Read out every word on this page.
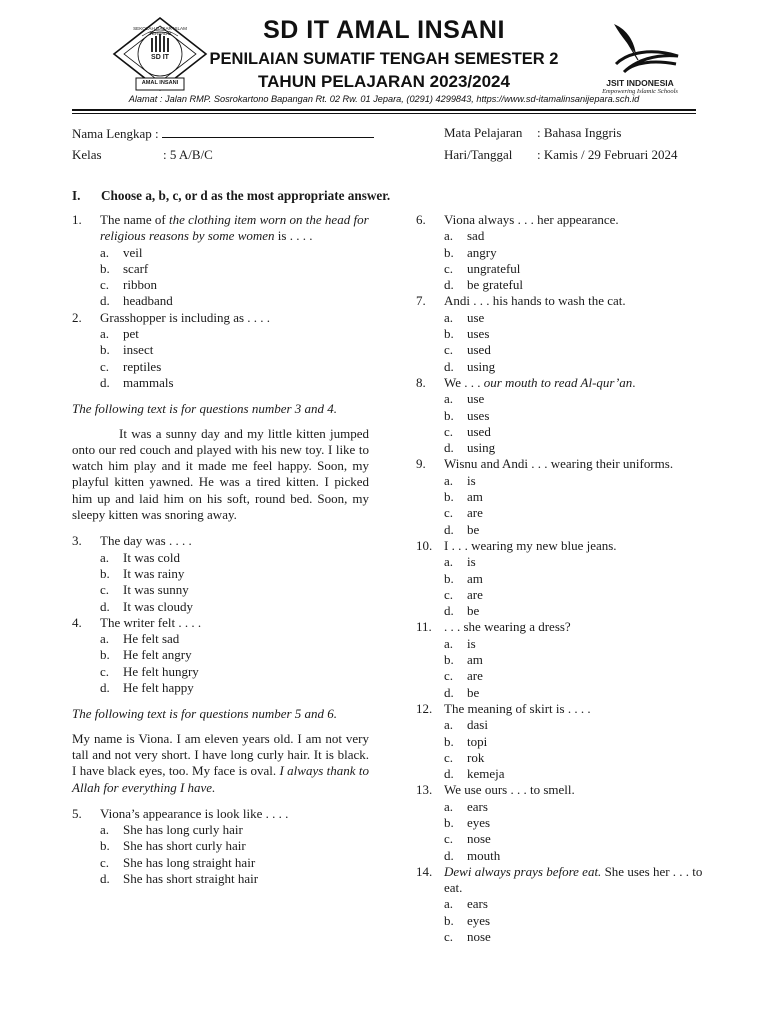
SEKOLAH DASAR ISLAM TERPADU
SD IT
AMAL INSANI	JSIT INDONESIA
Empowering Islamic Schools
SD IT AMAL INSANI
PENILAIAN SUMATIF TENGAH SEMESTER 2
TAHUN PELAJARAN 2023/2024
Alamat : Jalan RMP. Sosrokartono Bapangan Rt. 02 Rw. 01 Jepara, (0291) 4299843, https://www.sd-itamalinsanijepara.sch.id
Nama Lengkap :
Kelas	: 5 A/B/C
Mata Pelajaran : Bahasa Inggris
Hari/Tanggal : Kamis / 29 Februari 2024
I. Choose a, b, c, or d as the most appropriate answer.
1. The name of the clothing item worn on the head for religious reasons by some women is . . . .
a. veil
b. scarf
c. ribbon
d. headband
2. Grasshopper is including as . . . .
a. pet
b. insect
c. reptiles
d. mammals
The following text is for questions number 3 and 4.
It was a sunny day and my little kitten jumped onto our red couch and played with his new toy. I like to watch him play and it made me feel happy. Soon, my playful kitten yawned. He was a tired kitten. I picked him up and laid him on his soft, round bed. Soon, my sleepy kitten was snoring away.
3. The day was . . . .
a. It was cold
b. It was rainy
c. It was sunny
d. It was cloudy
4. The writer felt . . . .
a. He felt sad
b. He felt angry
c. He felt hungry
d. He felt happy
The following text is for questions number 5 and 6.
My name is Viona. I am eleven years old. I am not very tall and not very short. I have long curly hair. It is black. I have black eyes, too. My face is oval. I always thank to Allah for everything I have.
5. Viona’s appearance is look like . . . .
a. She has long curly hair
b. She has short curly hair
c. She has long straight hair
d. She has short straight hair
6. Viona always . . . her appearance.
a. sad
b. angry
c. ungrateful
d. be grateful
7. Andi . . . his hands to wash the cat.
a. use
b. uses
c. used
d. using
8. We . . . our mouth to read Al-qur’an.
a. use
b. uses
c. used
d. using
9. Wisnu and Andi . . . wearing their uniforms.
a. is
b. am
c. are
d. be
10. I . . . wearing my new blue jeans.
a. is
b. am
c. are
d. be
11. . . . she wearing a dress?
a. is
b. am
c. are
d. be
12. The meaning of skirt is . . . .
a. dasi
b. topi
c. rok
d. kemeja
13. We use ours . . . to smell.
a. ears
b. eyes
c. nose
d. mouth
14. Dewi always prays before eat. She uses her . . . to eat.
a. ears
b. eyes
c. nose
